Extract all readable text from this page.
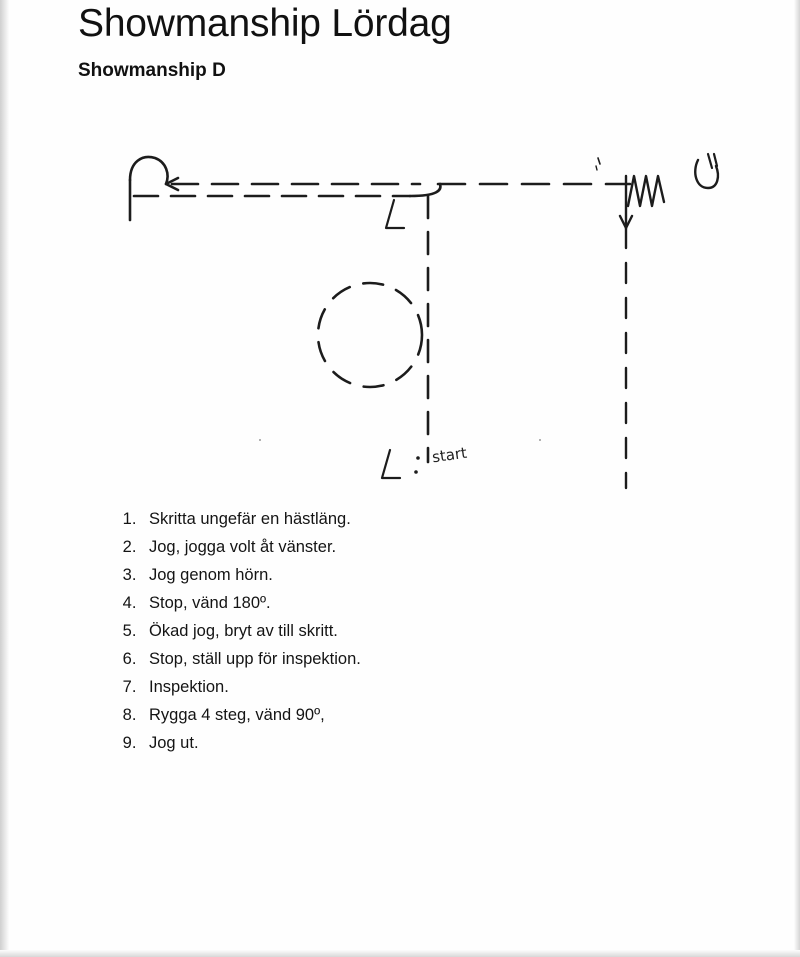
Showmanship Lördag
Showmanship D
start
1. Skritta ungefär en hästläng.
2. Jog, jogga volt åt vänster.
3. Jog genom hörn.
4. Stop, vänd 180º.
5. Ökad jog, bryt av till skritt.
6. Stop, ställ upp för inspektion.
7. Inspektion.
8. Rygga 4 steg, vänd 90º,
9. Jog ut.
